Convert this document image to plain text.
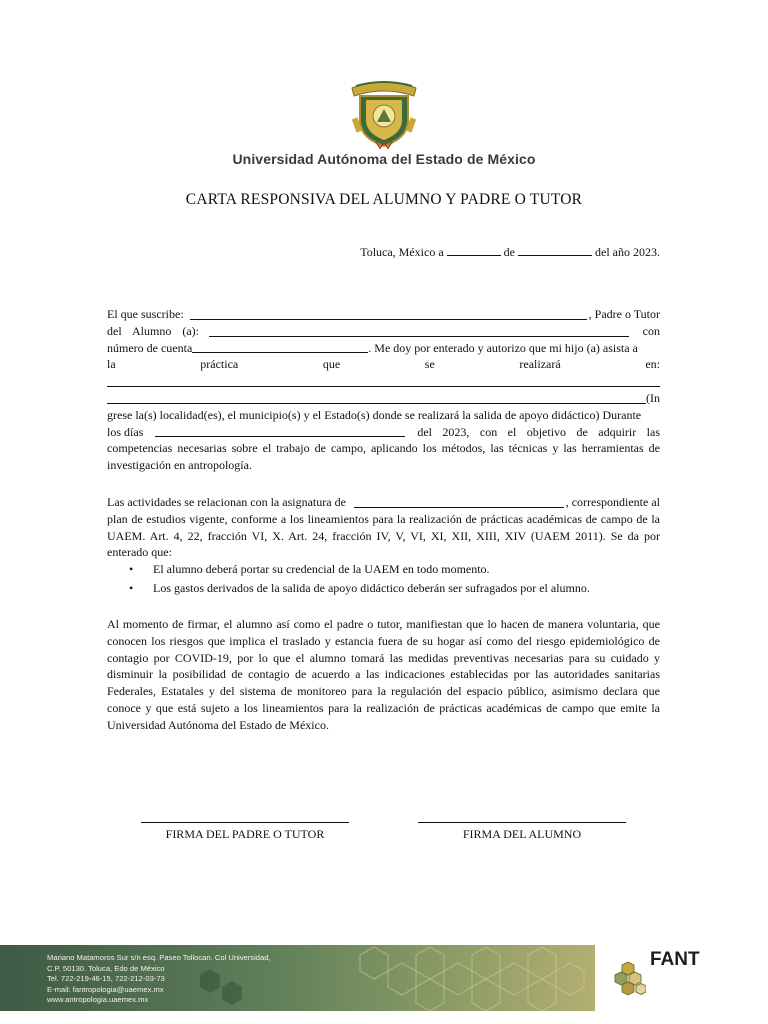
Universidad Autónoma del Estado de México
CARTA RESPONSIVA DEL ALUMNO Y PADRE O TUTOR
Toluca, México a	de	del año 2023.
El que suscribe:	, Padre o Tutor
del Alumno (a):	con
número de cuenta	. Me doy por enterado y autorizo que mi hijo (a) asista a
la	práctica	que	se	realizará	en:
(In
grese la(s) localidad(es), el municipio(s) y el Estado(s) donde se realizará la salida de apoyo didáctico) Durante
los días	del 2023, con el objetivo de adquirir las
competencias necesarias sobre el trabajo de campo, aplicando los métodos, las técnicas y las herramientas de investigación en antropología.
Las actividades se relacionan con la asignatura de	, correspondiente al
plan de estudios vigente, conforme a los lineamientos para la realización de prácticas académicas de campo de la UAEM. Art. 4, 22, fracción VI, X. Art. 24, fracción IV, V, VI, XI, XII, XIII, XIV (UAEM 2011). Se da por enterado que:
• El alumno deberá portar su credencial de la UAEM en todo momento.
• Los gastos derivados de la salida de apoyo didáctico deberán ser sufragados por el alumno.
Al momento de firmar, el alumno así como el padre o tutor, manifiestan que lo hacen de manera voluntaria, que conocen los riesgos que implica el traslado y estancia fuera de su hogar así como del riesgo epidemiológico de contagio por COVID-19, por lo que el alumno tomará las medidas preventivas necesarias para su cuidado y disminuir la posibilidad de contagio de acuerdo a las indicaciones establecidas por las autoridades sanitarias Federales, Estatales y del sistema de monitoreo para la regulación del espacio público, asimismo declara que conoce y que está sujeto a los lineamientos para la realización de prácticas académicas de campo que emite la Universidad Autónoma del Estado de México.
FIRMA DEL PADRE O TUTOR	FIRMA DEL ALUMNO
Mariano Matamoros Sur s/n esq. Paseo Tollocan. Col Universidad,
C.P. 50130. Toluca, Edo de México
Tel. 722-219-46-15, 722-212-03-73
E-mail: fantropologia@uaemex.mx
www.antropologia.uaemex.mx
FANT
